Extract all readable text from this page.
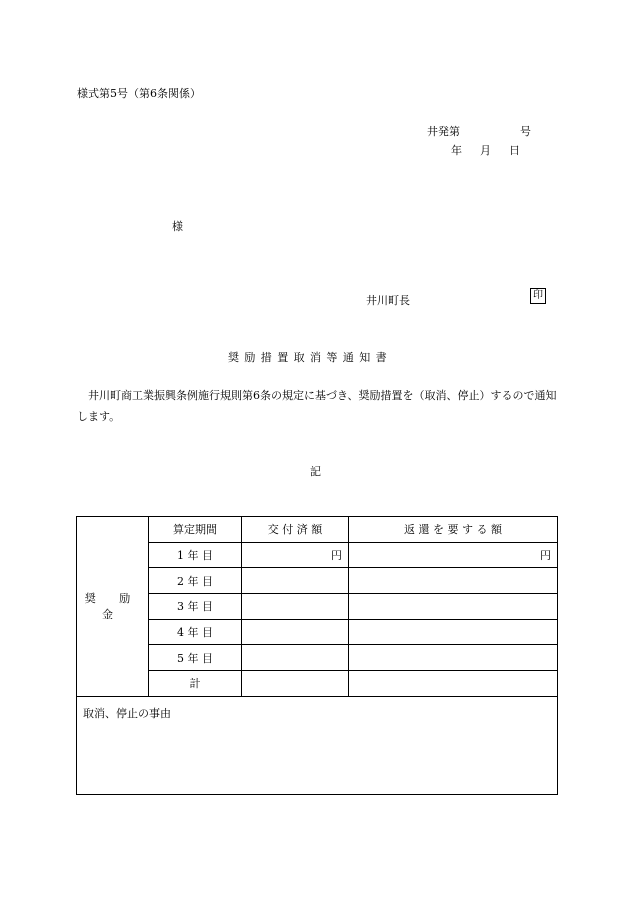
様式第5号（第6条関係）
井発第	号
年 月 日
様
井川町長	印
奨励措置取消等通知書
井川町商工業振興条例施行規則第6条の規定に基づき、奨励措置を（取消、停止）するので通知します。
記
奨 励 金	算定期間	交 付 済 額	返 還 を 要 す る 額
	1 年 目	円	円
	2 年 目		
	3 年 目		
	4 年 目		
	5 年 目		
	計		
取消、停止の事由			
